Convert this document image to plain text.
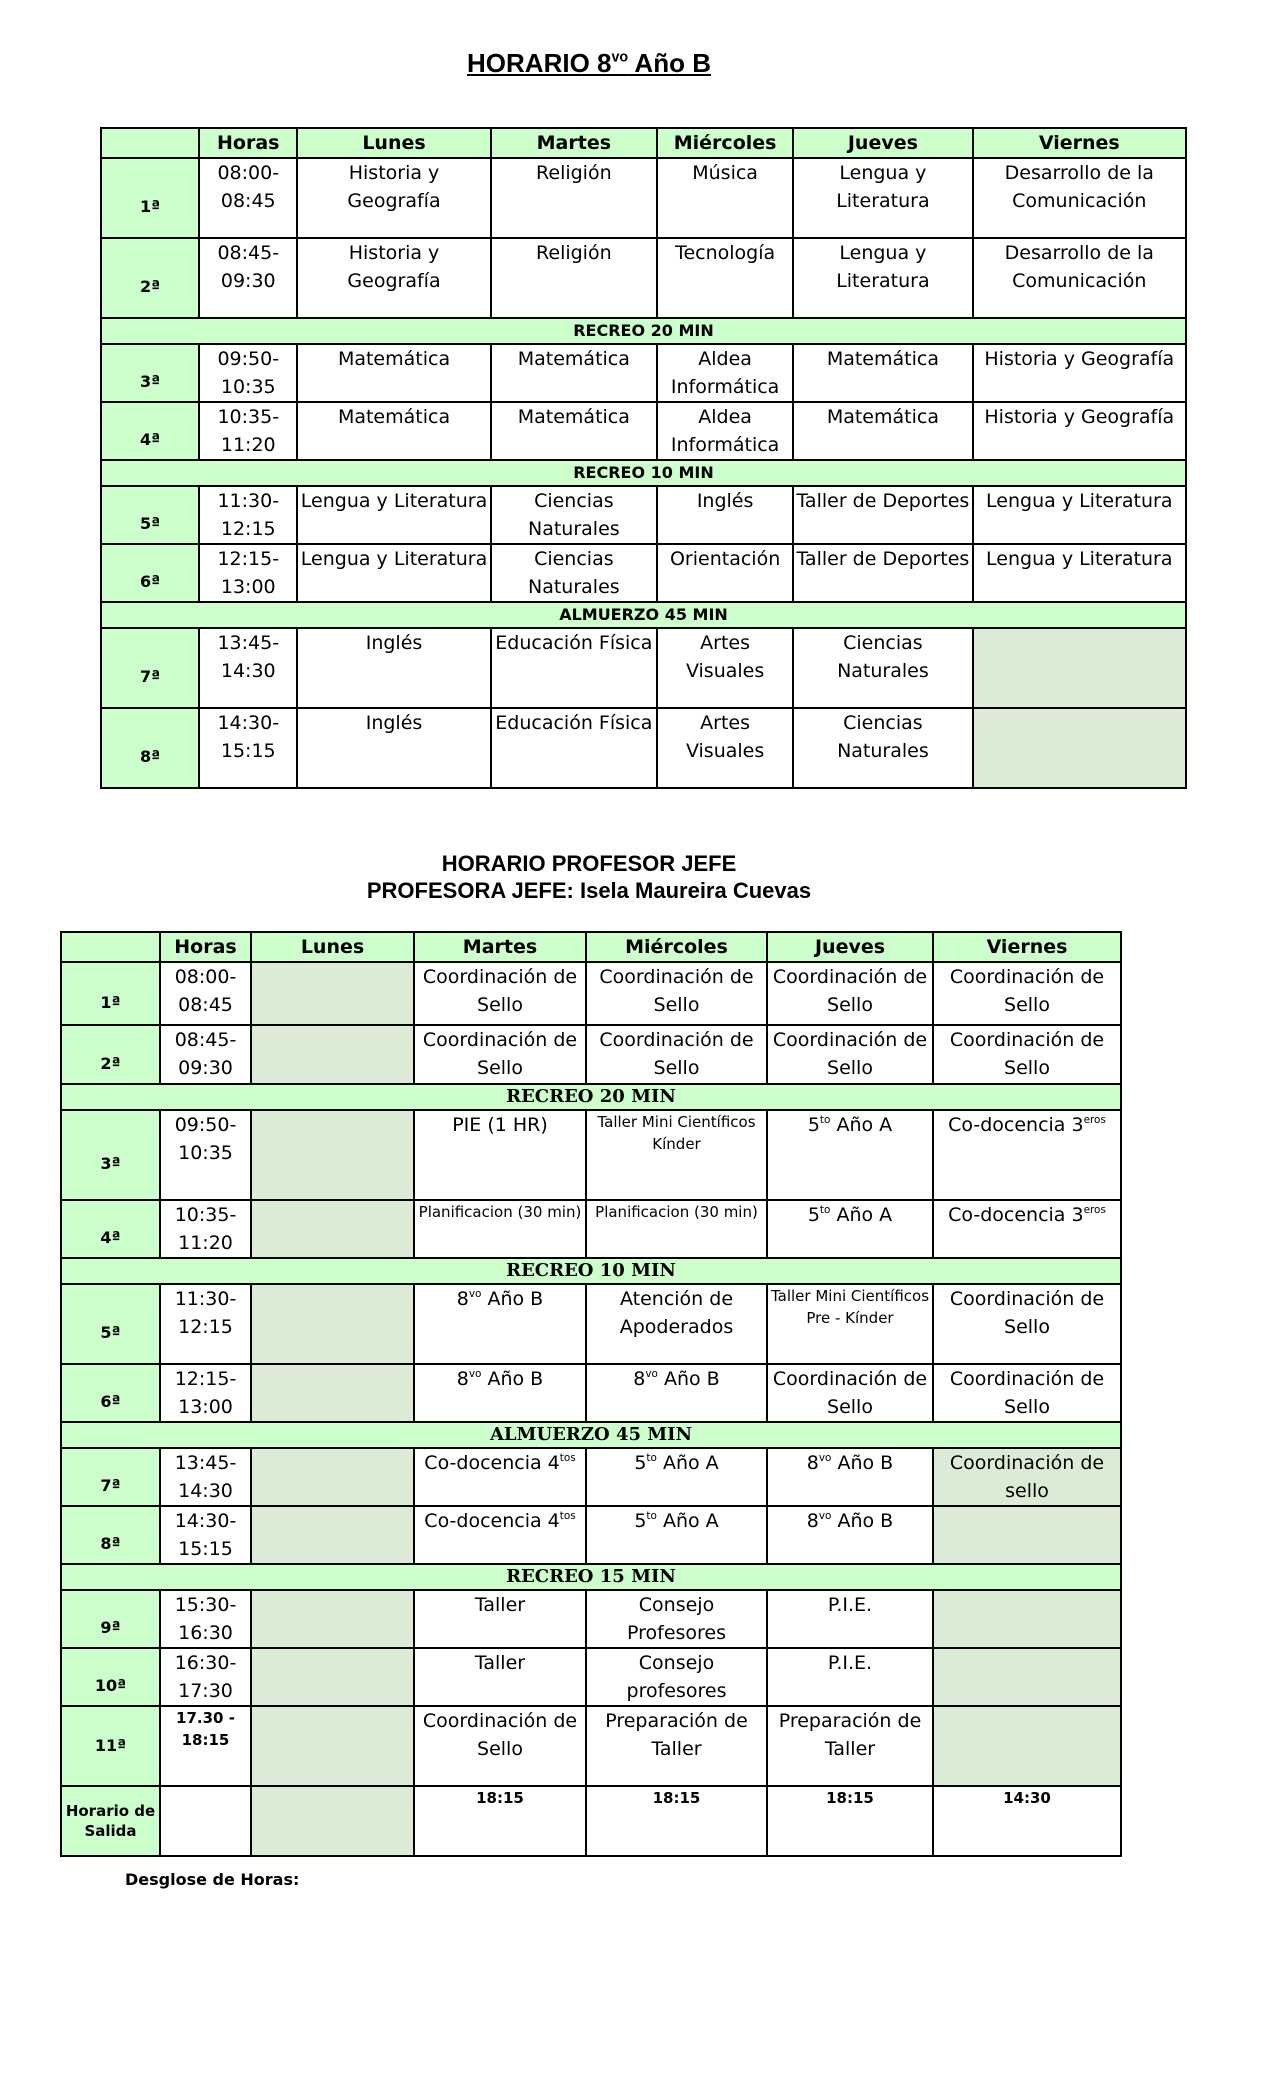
HORARIO $8^{vo}$ Año B
	Horas	Lunes	Martes	Miércoles	Jueves	Viernes
1ª	08:00-08:45	Historia y Geografía	Religión	Música	Lengua y Literatura	Desarrollo de la Comunicación
2ª	08:45-09:30	Historia y Geografía	Religión	Tecnología	Lengua y Literatura	Desarrollo de la Comunicación
RECREO 20 MIN						
3ª	09:50-10:35	Matemática	Matemática	Aldea Informática	Matemática	Historia y Geografía
4ª	10:35-11:20	Matemática	Matemática	Aldea Informática	Matemática	Historia y Geografía
RECREO 10 MIN						
5ª	11:30-12:15	Lengua y Literatura	Ciencias Naturales	Inglés	Taller de Deportes	Lengua y Literatura
6ª	12:15-13:00	Lengua y Literatura	Ciencias Naturales	Orientación	Taller de Deportes	Lengua y Literatura
ALMUERZO 45 MIN						
7ª	13:45-14:30	Inglés	Educación Física	Artes Visuales	Ciencias Naturales	
8ª	14:30-15:15	Inglés	Educación Física	Artes Visuales	Ciencias Naturales	
HORARIO PROFESOR JEFE
PROFESORA JEFE: Isela Maureira Cuevas
	Horas	Lunes	Martes	Miércoles	Jueves	Viernes
1ª	08:00-08:45		Coordinación de Sello	Coordinación de Sello	Coordinación de Sello	Coordinación de Sello
2ª	08:45-09:30		Coordinación de Sello	Coordinación de Sello	Coordinación de Sello	Coordinación de Sello
RECREO 20 MIN						
3ª	09:50-10:35		PIE (1 HR)	Taller Mini Científicos Kínder	$5^{to}$ Año A	Co-docencia $3^{eros}$
4ª	10:35-11:20		Planificacion (30 min)	Planificacion (30 min)	$5^{to}$ Año A	Co-docencia $3^{eros}$
RECREO 10 MIN						
5ª	11:30-12:15		$8^{vo}$ Año B	Atención de Apoderados	Taller Mini Científicos Pre - Kínder	Coordinación de Sello
6ª	12:15-13:00		$8^{vo}$ Año B	$8^{vo}$ Año B	Coordinación de Sello	Coordinación de Sello
ALMUERZO 45 MIN						
7ª	13:45-14:30		Co-docencia $4^{tos}$	$5^{to}$ Año A	$8^{vo}$ Año B	Coordinación de sello
8ª	14:30-15:15		Co-docencia $4^{tos}$	$5^{to}$ Año A	$8^{vo}$ Año B	
RECREO 15 MIN						
9ª	15:30-16:30		Taller	Consejo Profesores	P.I.E.	
10ª	16:30-17:30		Taller	Consejo profesores	P.I.E.	
11ª	17.30 - 18:15		Coordinación de Sello	Preparación de Taller	Preparación de Taller	
Horario de Salida			18:15	18:15	18:15	14:30
Desglose de Horas:
